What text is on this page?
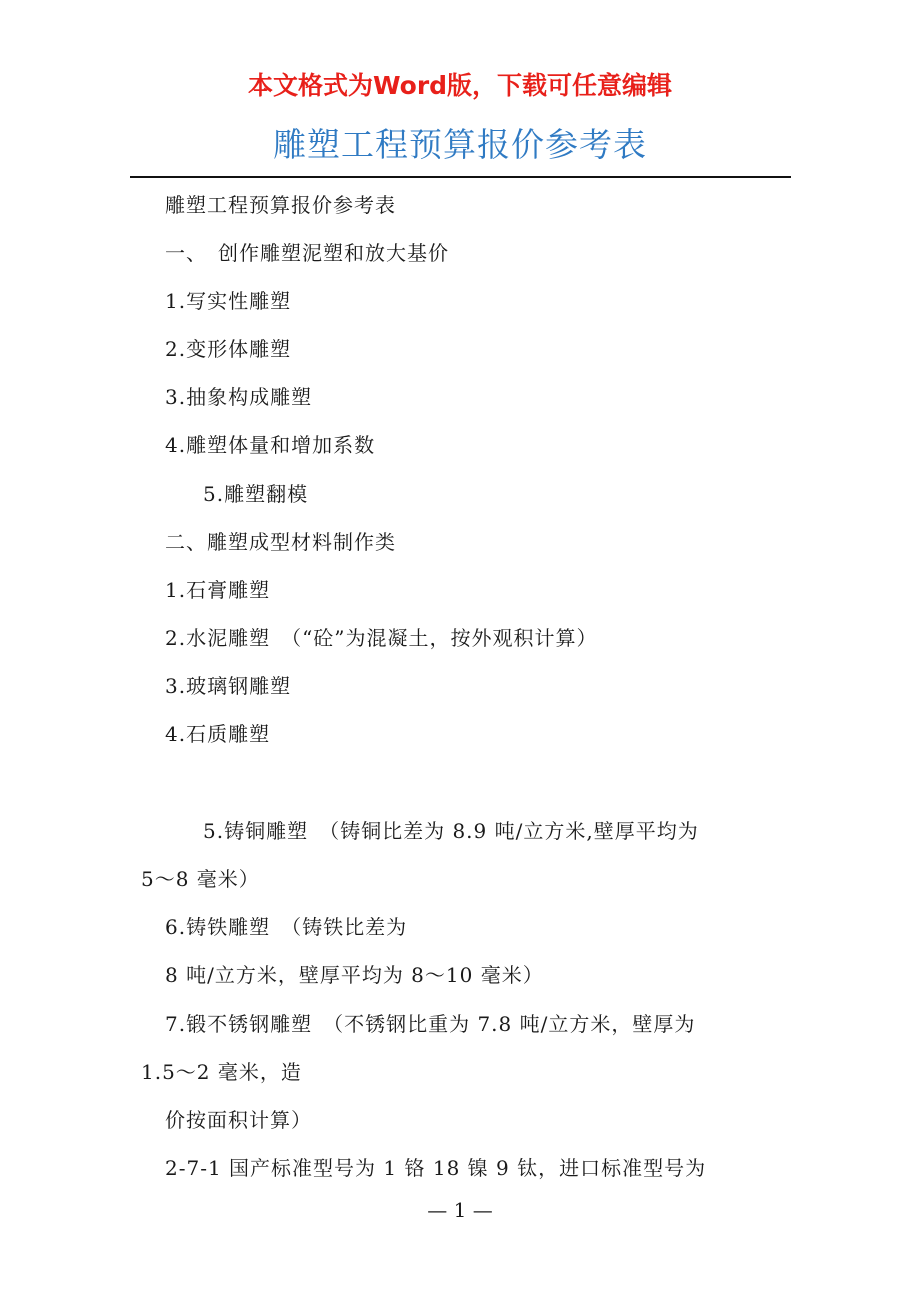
本文格式为Word版，下载可任意编辑
雕塑工程预算报价参考表
雕塑工程预算报价参考表
一、　创作雕塑泥塑和放大基价
1.写实性雕塑
2.变形体雕塑
3.抽象构成雕塑
4.雕塑体量和增加系数
5.雕塑翻模
二、雕塑成型材料制作类
1.石膏雕塑
2.水泥雕塑　（“砼”为混凝土，按外观积计算）
3.玻璃钢雕塑
4.石质雕塑
5.铸铜雕塑　（铸铜比差为 8.9 吨/立方米,壁厚平均为
5～8 毫米）
6.铸铁雕塑　（铸铁比差为
8 吨/立方米，壁厚平均为 8～10 毫米）
7.锻不锈钢雕塑　（不锈钢比重为 7.8 吨/立方米，壁厚为
1.5～2 毫米，造
价按面积计算）
2-7-1 国产标准型号为 1 铬 18 镍 9 钛，进口标准型号为
— 1 —
